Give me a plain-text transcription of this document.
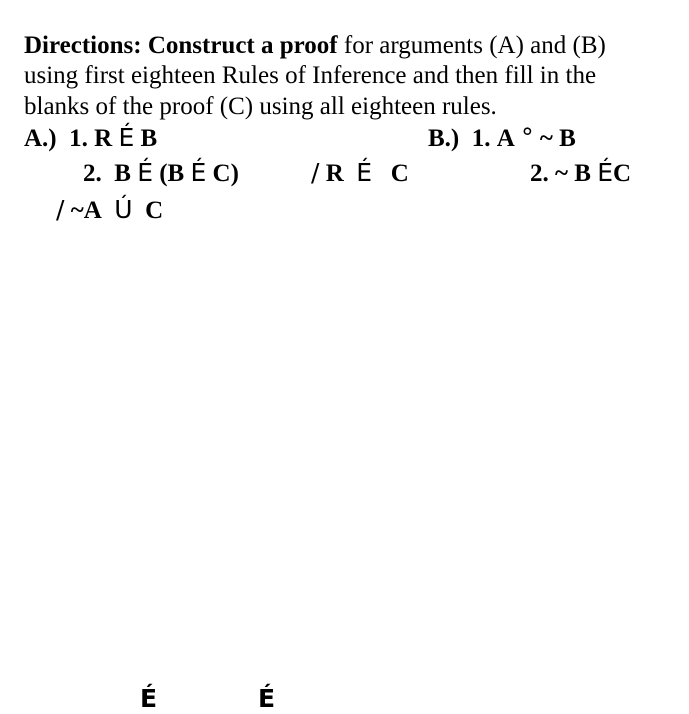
Directions: Construct a proof for arguments (A) and (B)
using first eighteen Rules of Inference and then fill in the
blanks of the proof (C) using all eighteen rules.
A.) 1. R É B	B.) 1. A ° ~ B
2. B É (B É C)	/ R É C	2. ~ B ÉC
/ ~A Ú C
É	É
